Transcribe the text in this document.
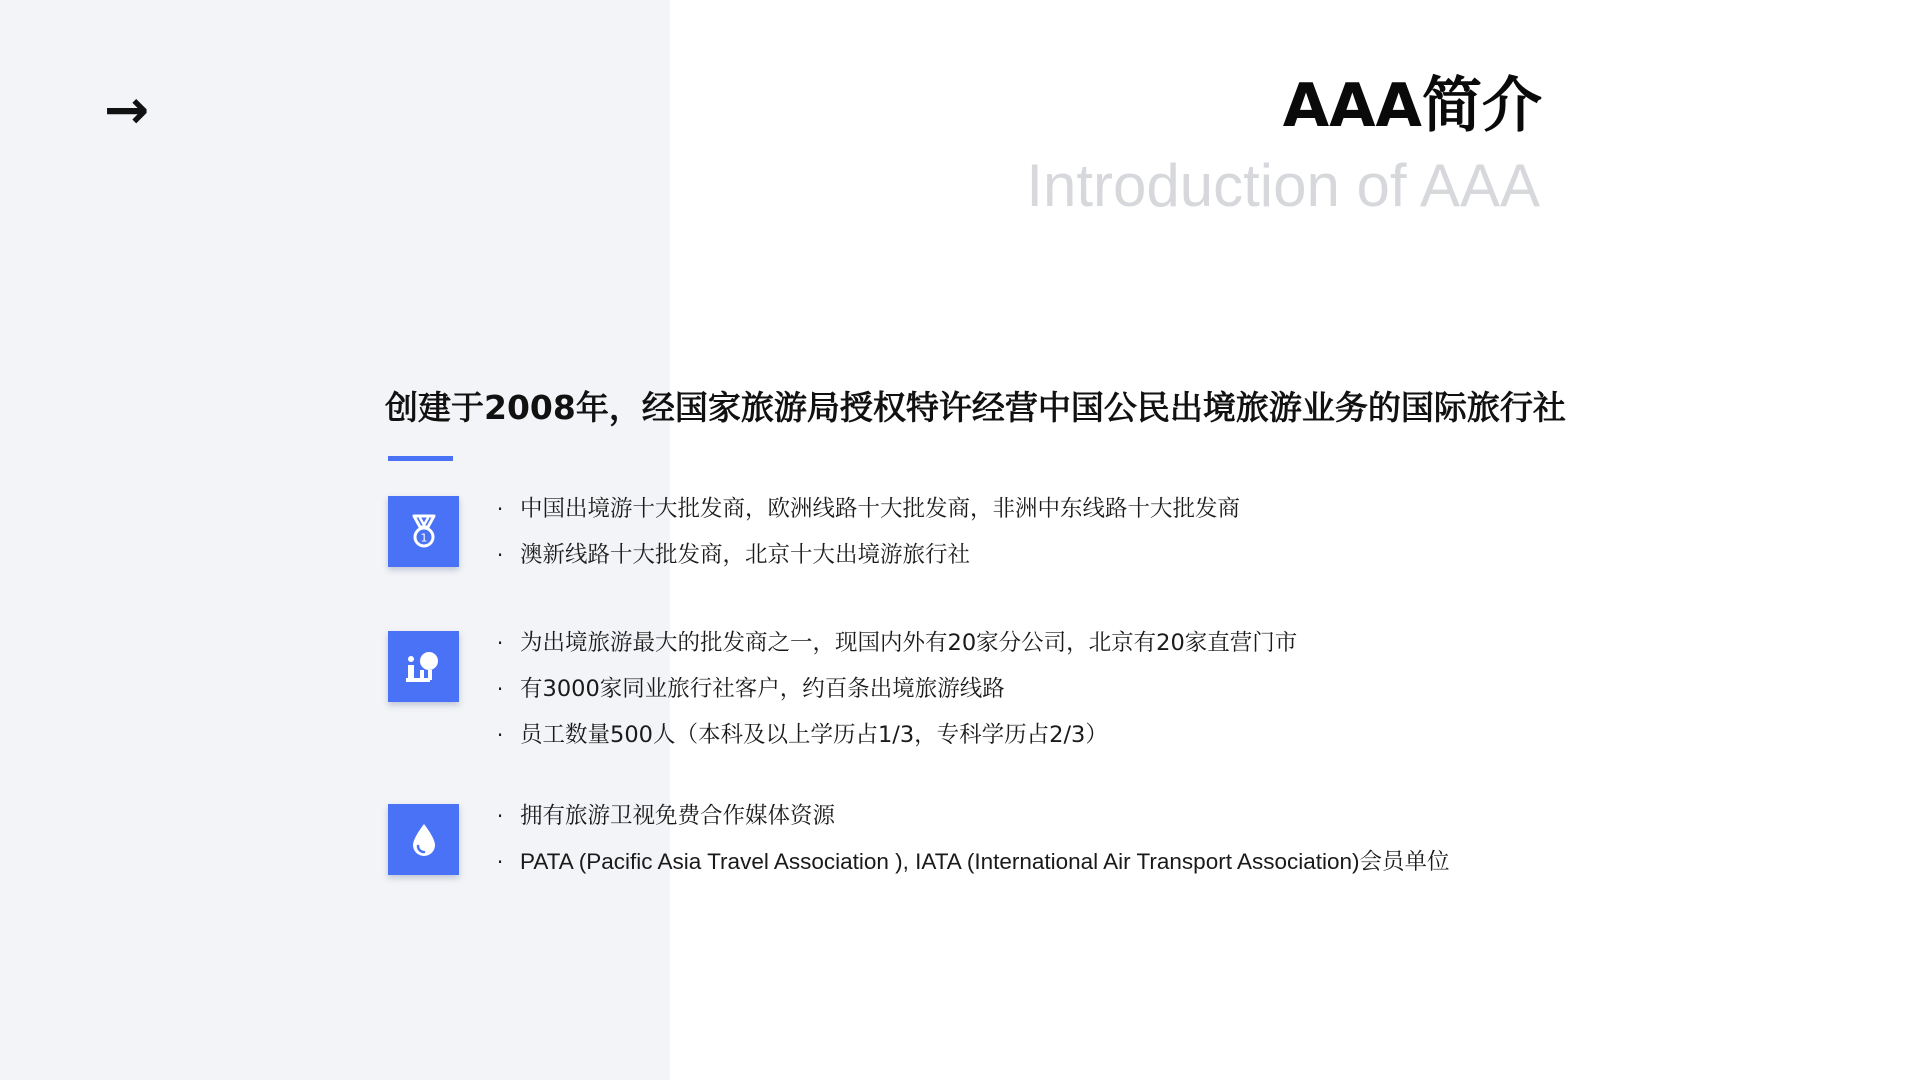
→	AAA简介
Introduction of AAA
创建于2008年，经国家旅游局授权特许经营中国公民出境旅游业务的国际旅行社
1
· 中国出境游十大批发商，欧洲线路十大批发商，非洲中东线路十大批发商
· 澳新线路十大批发商，北京十大出境游旅行社
· 为出境旅游最大的批发商之一，现国内外有20家分公司，北京有20家直营门市
· 有3000家同业旅行社客户，约百条出境旅游线路
· 员工数量500人（本科及以上学历占1/3，专科学历占2/3）
· 拥有旅游卫视免费合作媒体资源
· PATA (Pacific Asia Travel Association ), IATA (International Air Transport Association)会员单位
